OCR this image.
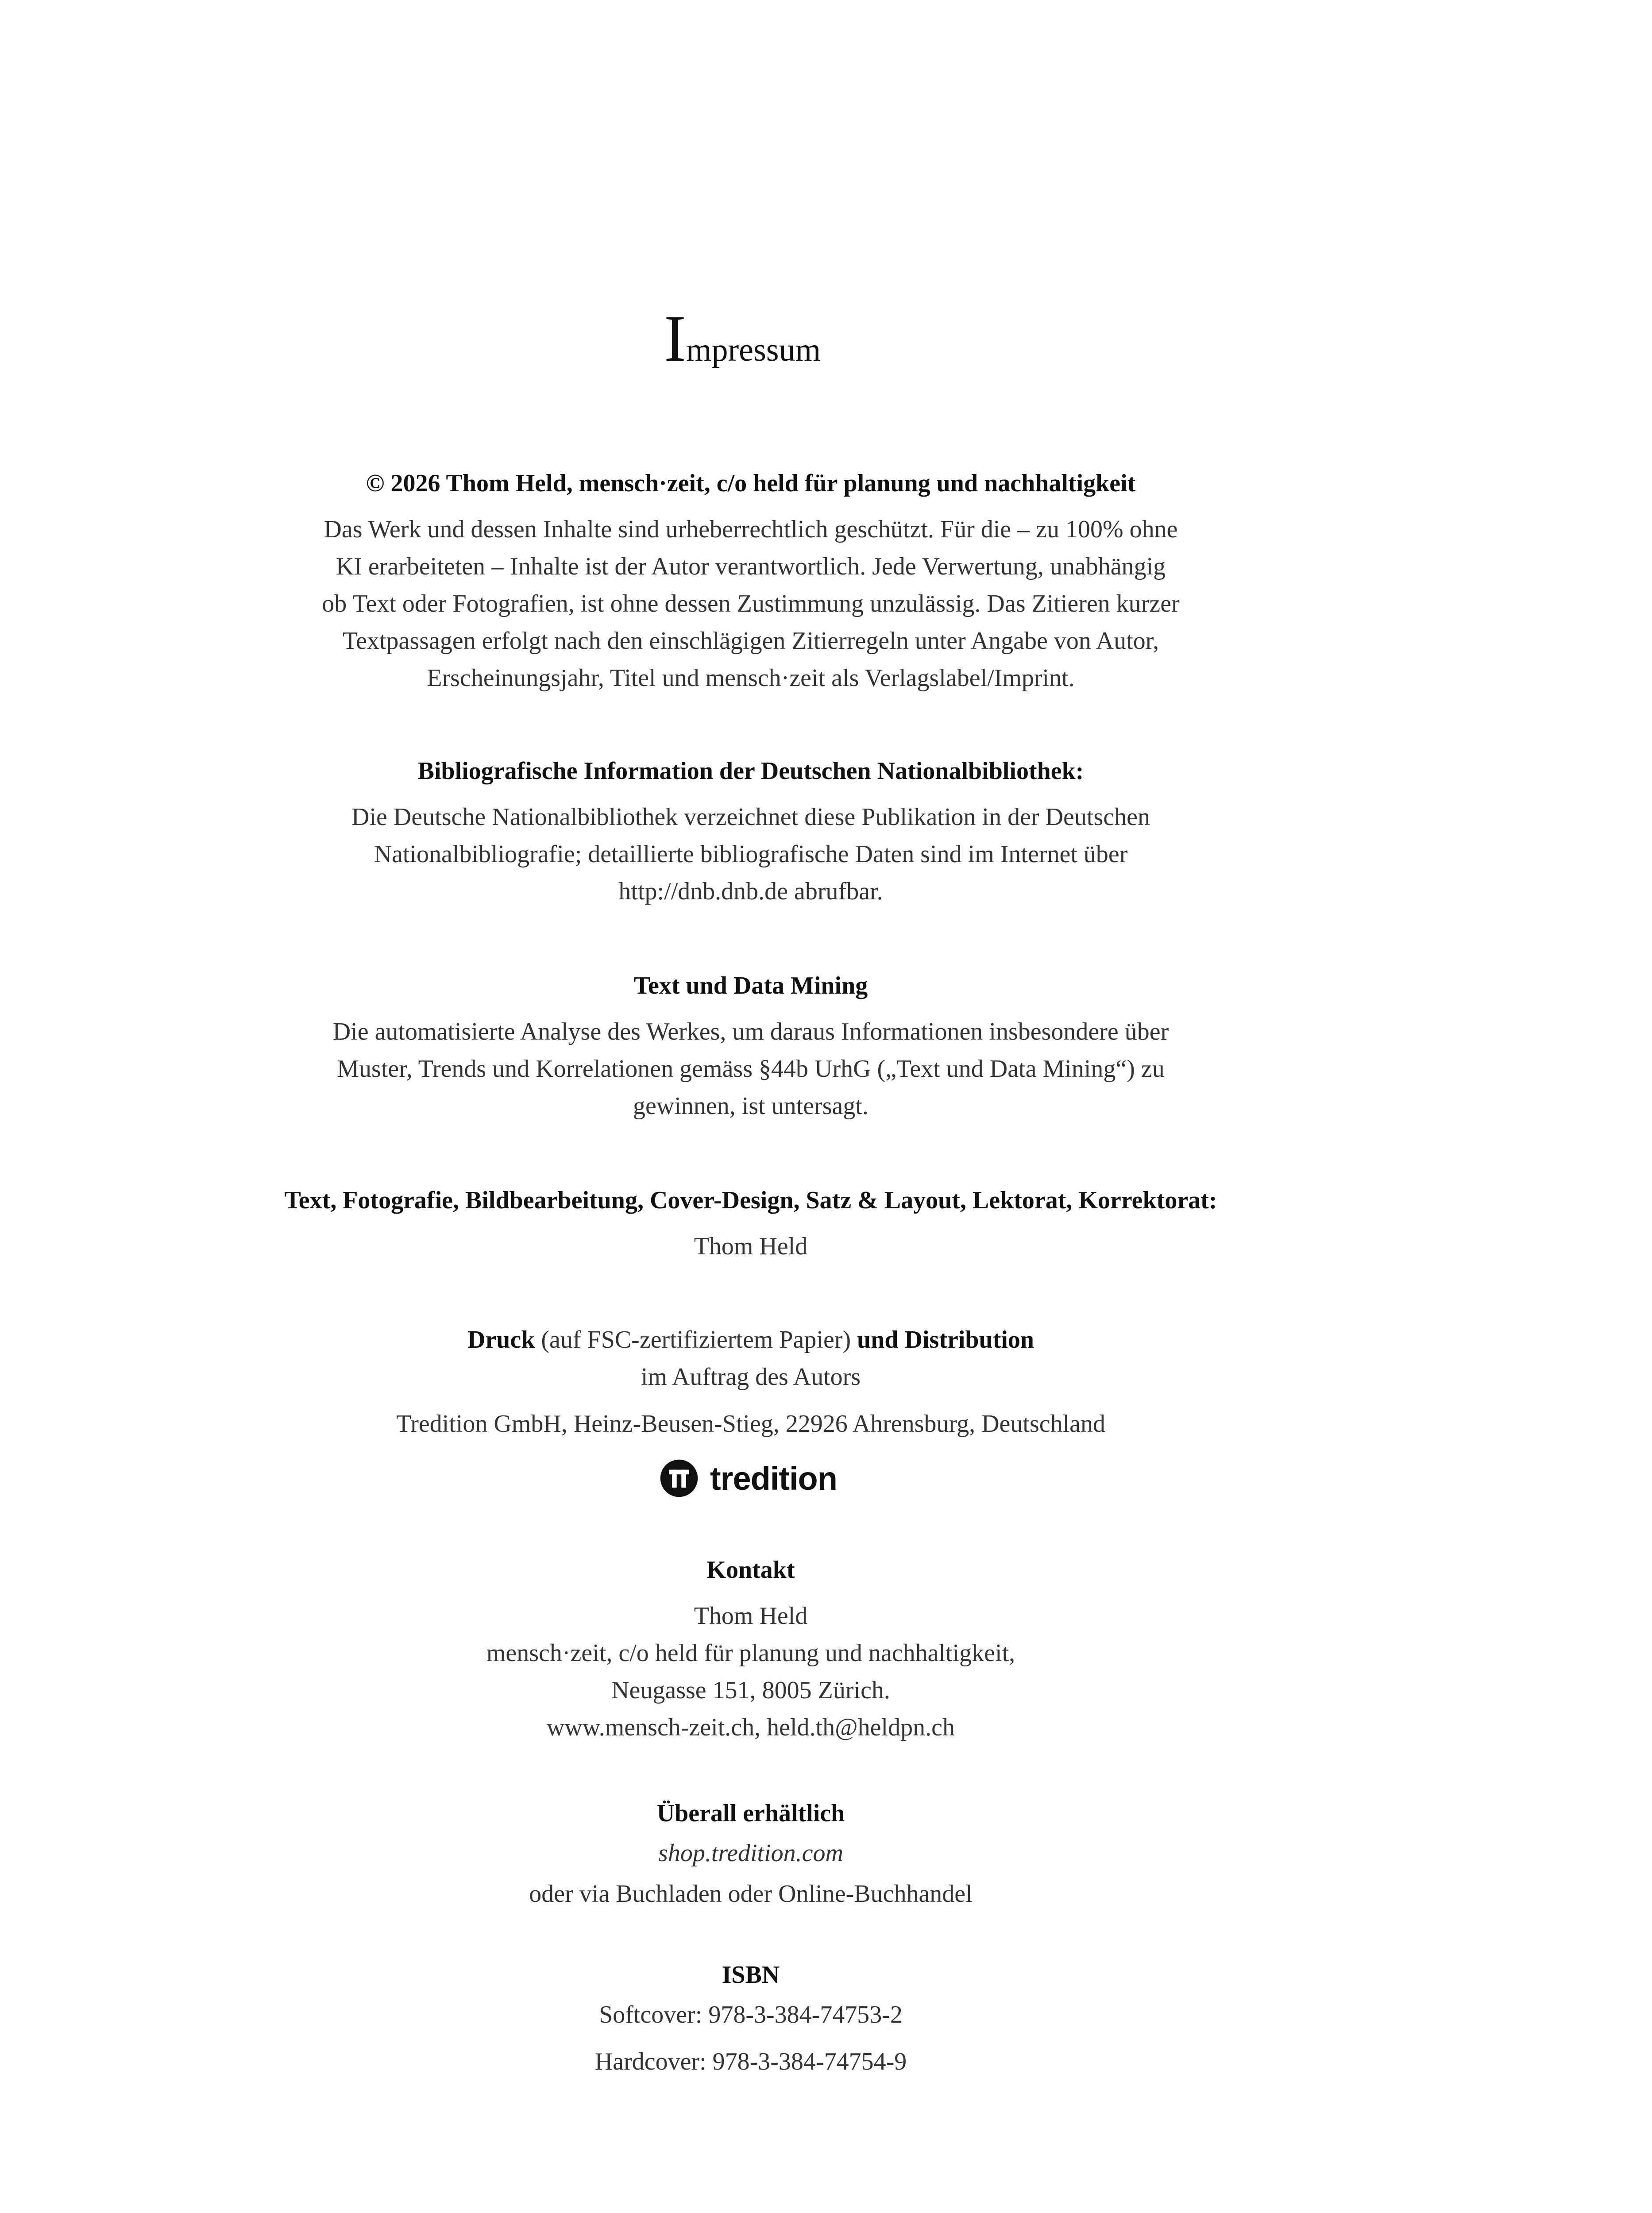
Impressum
© 2026 Thom Held, mensch·zeit, c/o held für planung und nachhaltigkeit
Das Werk und dessen Inhalte sind urheberrechtlich geschützt. Für die – zu 100% ohne
KI erarbeiteten – Inhalte ist der Autor verantwortlich. Jede Verwertung, unabhängig
ob Text oder Fotografien, ist ohne dessen Zustimmung unzulässig. Das Zitieren kurzer
Textpassagen erfolgt nach den einschlägigen Zitierregeln unter Angabe von Autor,
Erscheinungsjahr, Titel und mensch·zeit als Verlagslabel/Imprint.
Bibliografische Information der Deutschen Nationalbibliothek:
Die Deutsche Nationalbibliothek verzeichnet diese Publikation in der Deutschen
Nationalbibliografie; detaillierte bibliografische Daten sind im Internet über
http://dnb.dnb.de abrufbar.
Text und Data Mining
Die automatisierte Analyse des Werkes, um daraus Informationen insbesondere über
Muster, Trends und Korrelationen gemäss §44b UrhG („Text und Data Mining“) zu
gewinnen, ist untersagt.
Text, Fotografie, Bildbearbeitung, Cover-Design, Satz & Layout, Lektorat, Korrektorat:
Thom Held
Druck (auf FSC-zertifiziertem Papier) und Distribution
im Auftrag des Autors
Tredition GmbH, Heinz-Beusen-Stieg, 22926 Ahrensburg, Deutschland
tredition
Kontakt
Thom Held
mensch·zeit, c/o held für planung und nachhaltigkeit,
Neugasse 151, 8005 Zürich.
www.mensch-zeit.ch, held.th@heldpn.ch
Überall erhältlich
shop.tredition.com
oder via Buchladen oder Online-Buchhandel
ISBN
Softcover: 978-3-384-74753-2
Hardcover: 978-3-384-74754-9
